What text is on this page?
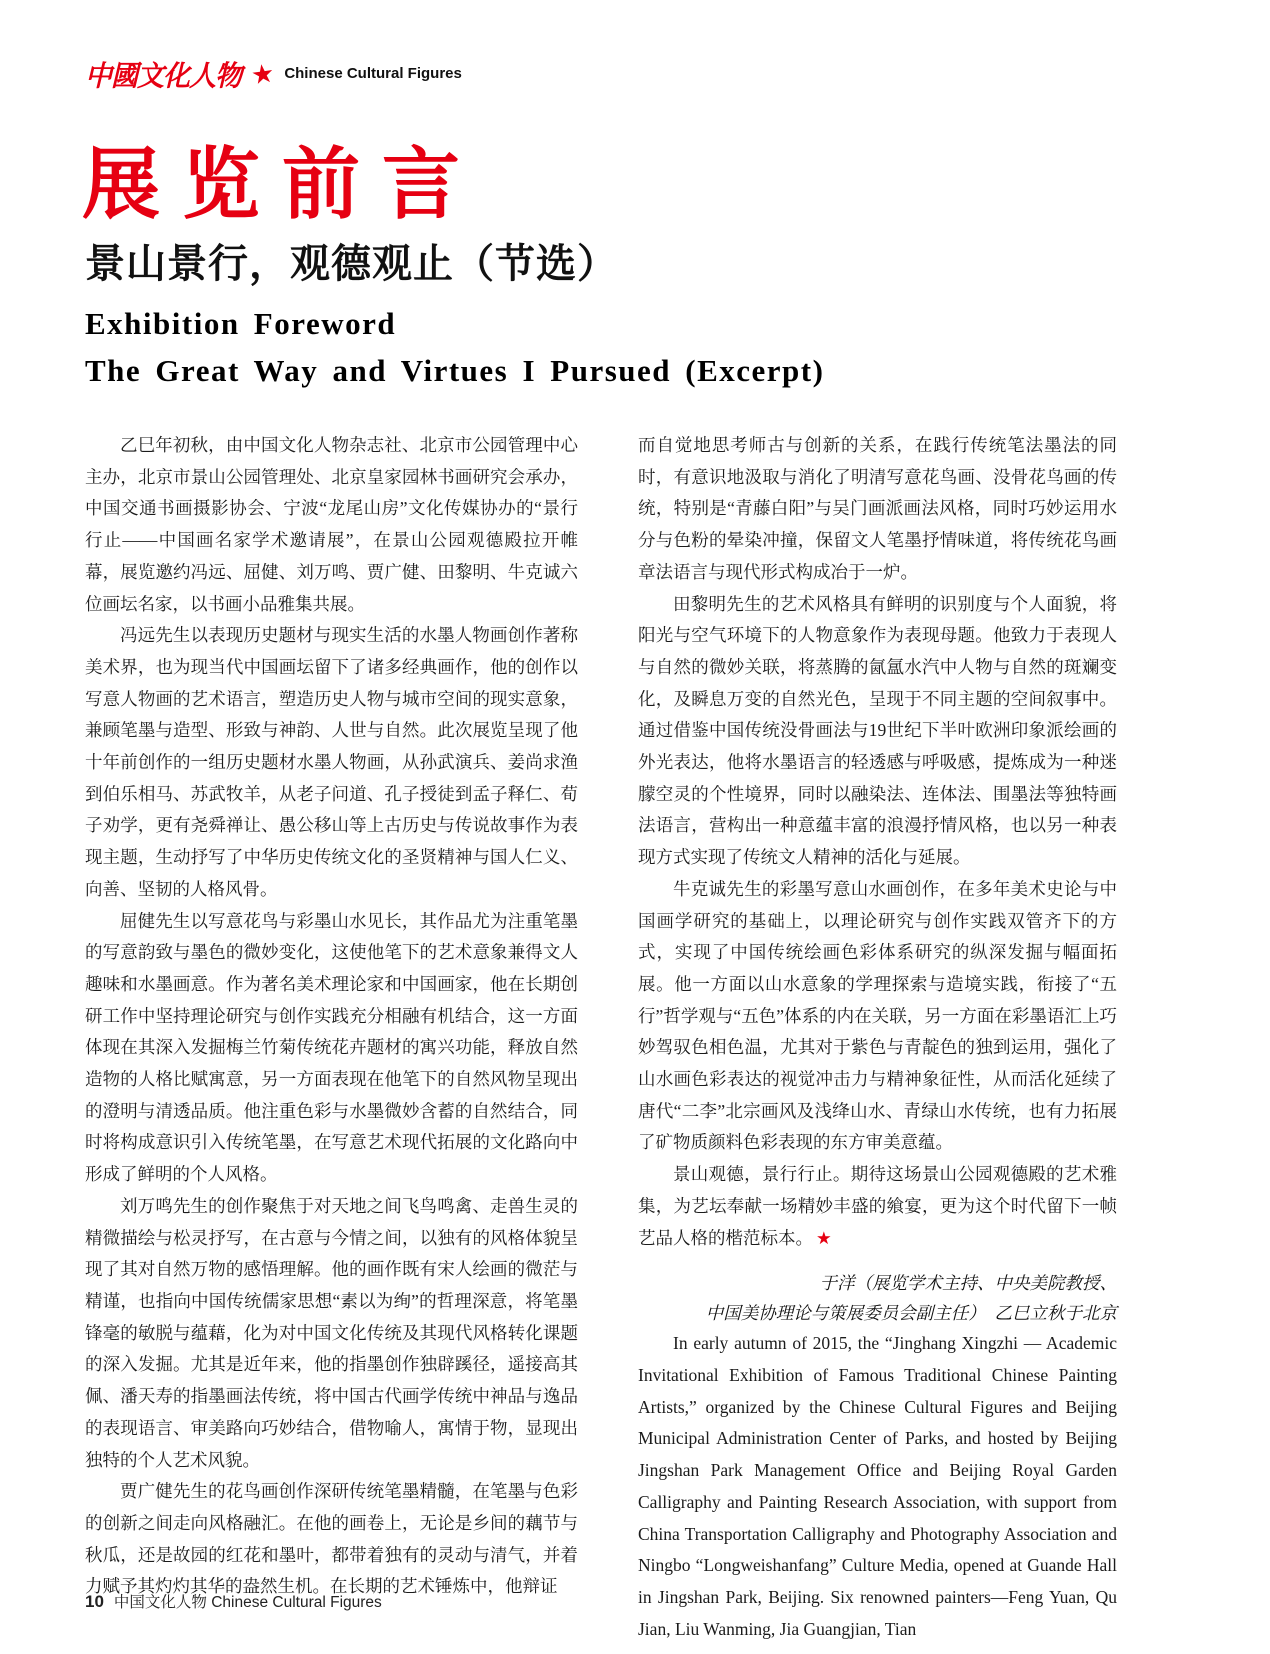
中國文化人物 ★ Chinese Cultural Figures
展览前言
景山景行，观德观止（节选）
Exhibition Foreword
The Great Way and Virtues I Pursued (Excerpt)

乙巳年初秋，由中国文化人物杂志社、北京市公园管理中心主办，北京市景山公园管理处、北京皇家园林书画研究会承办，中国交通书画摄影协会、宁波“龙尾山房”文化传媒协办的“景行行止——中国画名家学术邀请展”，在景山公园观德殿拉开帷幕，展览邀约冯远、屈健、刘万鸣、贾广健、田黎明、牛克诚六位画坛名家，以书画小品雅集共展。

冯远先生以表现历史题材与现实生活的水墨人物画创作著称美术界，也为现当代中国画坛留下了诸多经典画作，他的创作以写意人物画的艺术语言，塑造历史人物与城市空间的现实意象，兼顾笔墨与造型、形致与神韵、人世与自然。此次展览呈现了他十年前创作的一组历史题材水墨人物画，从孙武演兵、姜尚求渔到伯乐相马、苏武牧羊，从老子问道、孔子授徒到孟子释仁、荀子劝学，更有尧舜禅让、愚公移山等上古历史与传说故事作为表现主题，生动抒写了中华历史传统文化的圣贤精神与国人仁义、向善、坚韧的人格风骨。

屈健先生以写意花鸟与彩墨山水见长，其作品尤为注重笔墨的写意韵致与墨色的微妙变化，这使他笔下的艺术意象兼得文人趣味和水墨画意。作为著名美术理论家和中国画家，他在长期创研工作中坚持理论研究与创作实践充分相融有机结合，这一方面体现在其深入发掘梅兰竹菊传统花卉题材的寓兴功能，释放自然造物的人格比赋寓意，另一方面表现在他笔下的自然风物呈现出的澄明与清透品质。他注重色彩与水墨微妙含蓄的自然结合，同时将构成意识引入传统笔墨，在写意艺术现代拓展的文化路向中形成了鲜明的个人风格。

刘万鸣先生的创作聚焦于对天地之间飞鸟鸣禽、走兽生灵的精微描绘与松灵抒写，在古意与今情之间，以独有的风格体貌呈现了其对自然万物的感悟理解。他的画作既有宋人绘画的微茫与精谨，也指向中国传统儒家思想“素以为绚”的哲理深意，将笔墨锋毫的敏脱与蕴藉，化为对中国文化传统及其现代风格转化课题的深入发掘。尤其是近年来，他的指墨创作独辟蹊径，遥接高其佩、潘天寿的指墨画法传统，将中国古代画学传统中神品与逸品的表现语言、审美路向巧妙结合，借物喻人，寓情于物，显现出独特的个人艺术风貌。

贾广健先生的花鸟画创作深研传统笔墨精髓，在笔墨与色彩的创新之间走向风格融汇。在他的画卷上，无论是乡间的藕节与秋瓜，还是故园的红花和墨叶，都带着独有的灵动与清气，并着力赋予其灼灼其华的盎然生机。在长期的艺术锤炼中，他辩证

而自觉地思考师古与创新的关系，在践行传统笔法墨法的同时，有意识地汲取与消化了明清写意花鸟画、没骨花鸟画的传统，特别是“青藤白阳”与吴门画派画法风格，同时巧妙运用水分与色粉的晕染冲撞，保留文人笔墨抒情味道，将传统花鸟画章法语言与现代形式构成冶于一炉。

田黎明先生的艺术风格具有鲜明的识别度与个人面貌，将阳光与空气环境下的人物意象作为表现母题。他致力于表现人与自然的微妙关联，将蒸腾的氤氲水汽中人物与自然的斑斓变化，及瞬息万变的自然光色，呈现于不同主题的空间叙事中。通过借鉴中国传统没骨画法与19世纪下半叶欧洲印象派绘画的外光表达，他将水墨语言的轻透感与呼吸感，提炼成为一种迷朦空灵的个性境界，同时以融染法、连体法、围墨法等独特画法语言，营构出一种意蕴丰富的浪漫抒情风格，也以另一种表现方式实现了传统文人精神的活化与延展。

牛克诚先生的彩墨写意山水画创作，在多年美术史论与中国画学研究的基础上，以理论研究与创作实践双管齐下的方式，实现了中国传统绘画色彩体系研究的纵深发掘与幅面拓展。他一方面以山水意象的学理探索与造境实践，衔接了“五行”哲学观与“五色”体系的内在关联，另一方面在彩墨语汇上巧妙驾驭色相色温，尤其对于紫色与青靛色的独到运用，强化了山水画色彩表达的视觉冲击力与精神象征性，从而活化延续了唐代“二李”北宗画风及浅绛山水、青绿山水传统，也有力拓展了矿物质颜料色彩表现的东方审美意蕴。

景山观德，景行行止。期待这场景山公园观德殿的艺术雅集，为艺坛奉献一场精妙丰盛的飨宴，更为这个时代留下一帧艺品人格的楷范标本。 ★

于洋（展览学术主持、中央美院教授、
中国美协理论与策展委员会副主任）　乙巳立秋于北京

In early autumn of 2015, the “Jinghang Xingzhi — Academic Invitational Exhibition of Famous Traditional Chinese Painting Artists,” organized by the Chinese Cultural Figures and Beijing Municipal Administration Center of Parks, and hosted by Beijing Jingshan Park Management Office and Beijing Royal Garden Calligraphy and Painting Research Association, with support from China Transportation Calligraphy and Photography Association and Ningbo “Longweishanfang” Culture Media, opened at Guande Hall in Jingshan Park, Beijing. Six renowned painters—Feng Yuan, Qu Jian, Liu Wanming, Jia Guangjian, Tian

10 中国文化人物 Chinese Cultural Figures
